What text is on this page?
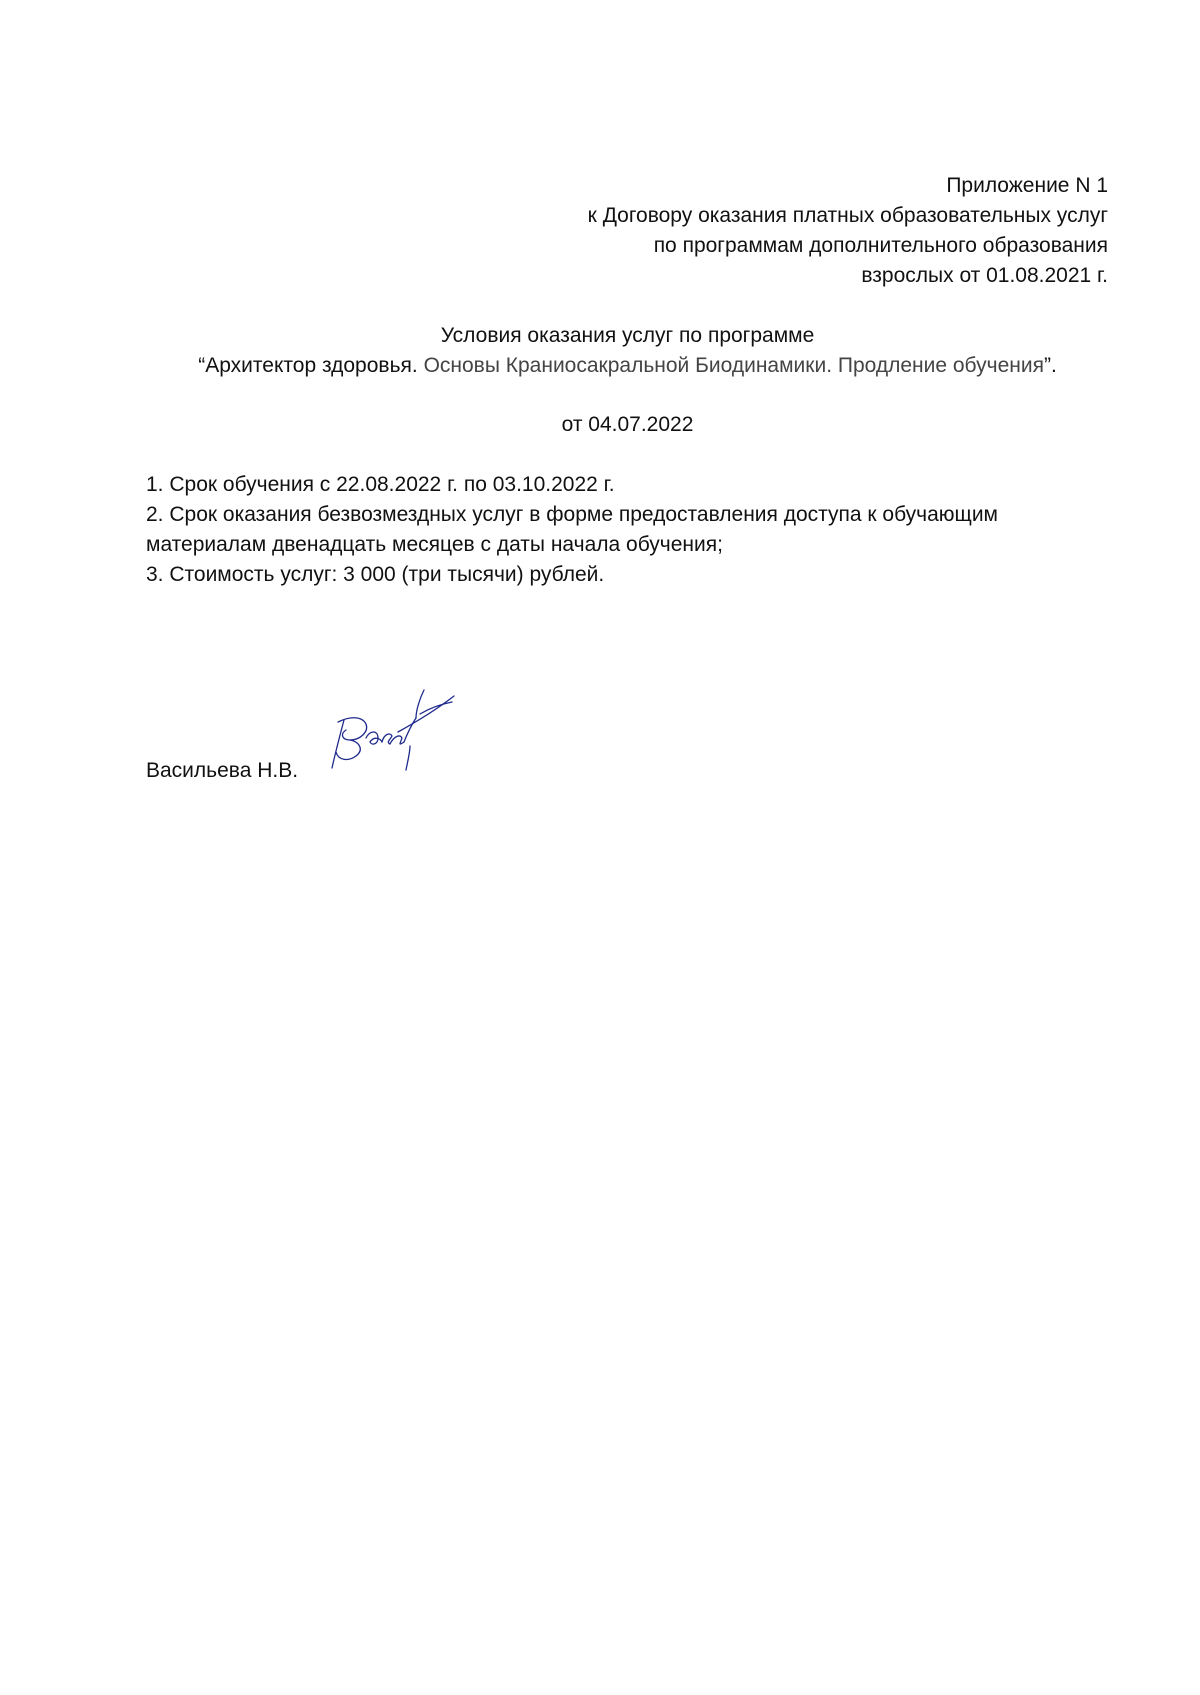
Приложение N 1
к Договору оказания платных образовательных услуг
по программам дополнительного образования
взрослых от 01.08.2021 г.
Условия оказания услуг по программе
“Архитектор здоровья. Основы Краниосакральной Биодинамики. Продление обучения”.
от 04.07.2022
1. Срок обучения с 22.08.2022 г. по 03.10.2022 г.
2. Срок оказания безвозмездных услуг в форме предоставления доступа к обучающим
материалам двенадцать месяцев с даты начала обучения;
3. Стоимость услуг: 3 000 (три тысячи) рублей.
Васильева Н.В.
